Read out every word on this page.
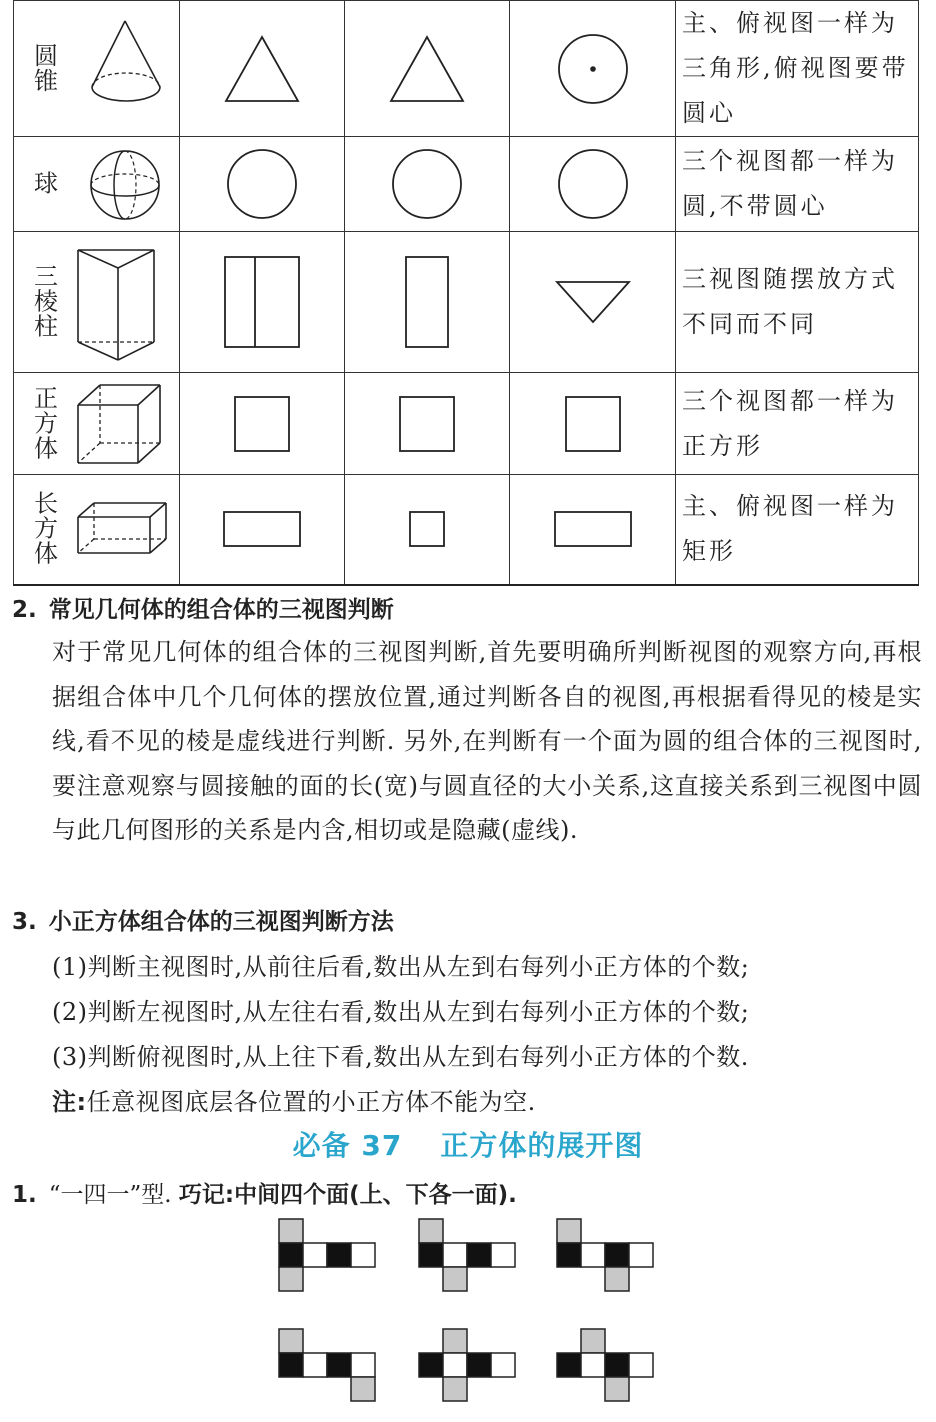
圆
锥				主、俯视图一样为三角形,俯视图要带圆心

球				三个视图都一样为圆,不带圆心

三
棱
柱				三视图随摆放方式不同而不同

正
方
体				三个视图都一样为正方形

长
方
体				主、俯视图一样为矩形
2. 常见几何体的组合体的三视图判断
对于常见几何体的组合体的三视图判断,首先要明确所判断视图的观察方向,再根据组合体中几个几何体的摆放位置,通过判断各自的视图,再根据看得见的棱是实线,看不见的棱是虚线进行判断. 另外,在判断有一个面为圆的组合体的三视图时,要注意观察与圆接触的面的长(宽)与圆直径的大小关系,这直接关系到三视图中圆与此几何图形的关系是内含,相切或是隐藏(虚线).
3. 小正方体组合体的三视图判断方法
(1)判断主视图时,从前往后看,数出从左到右每列小正方体的个数;
(2)判断左视图时,从左往右看,数出从左到右每列小正方体的个数;
(3)判断俯视图时,从上往下看,数出从左到右每列小正方体的个数.
注:任意视图底层各位置的小正方体不能为空.
必备 37 正方体的展开图
1. “一四一”型. 巧记:中间四个面(上、下各一面).
